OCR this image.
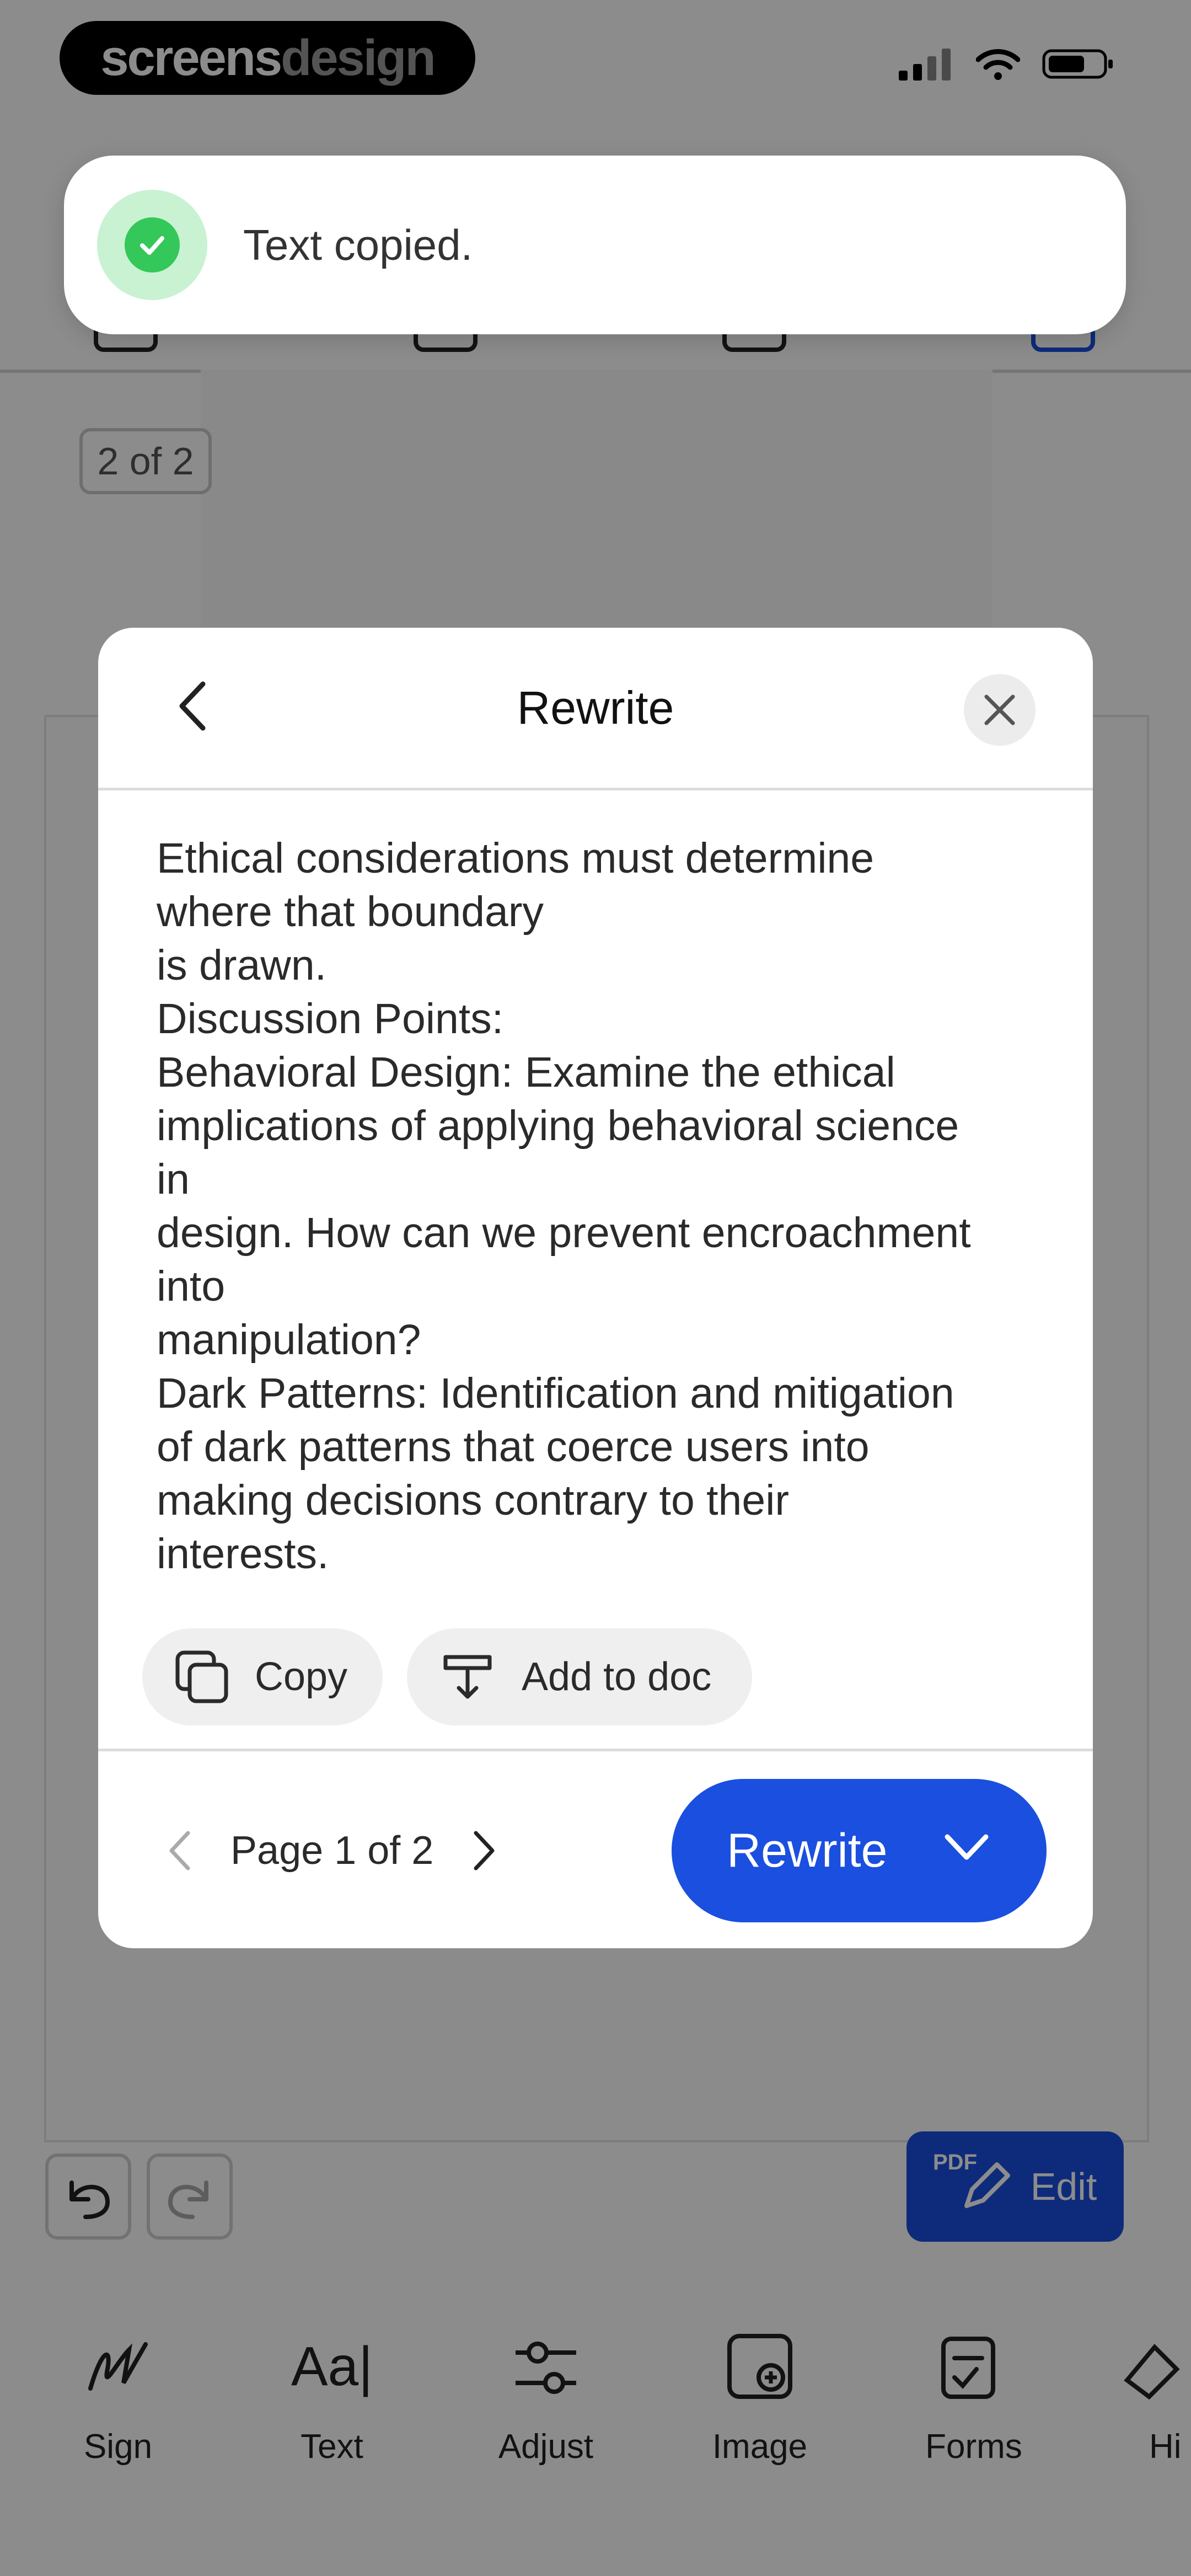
2 of 2
PDF
Edit
Sign
Aa|
Text	Adjust	Image	Forms	Hi
screens design
Text copied.
Rewrite
Ethical considerations must determine
where that boundary
is drawn.
Discussion Points:
Behavioral Design: Examine the ethical
implications of applying behavioral science
in
design. How can we prevent encroachment
into
manipulation?
Dark Patterns: Identification and mitigation
of dark patterns that coerce users into
making decisions contrary to their
interests.
Copy	Add to doc
Page 1 of 2	Rewrite
